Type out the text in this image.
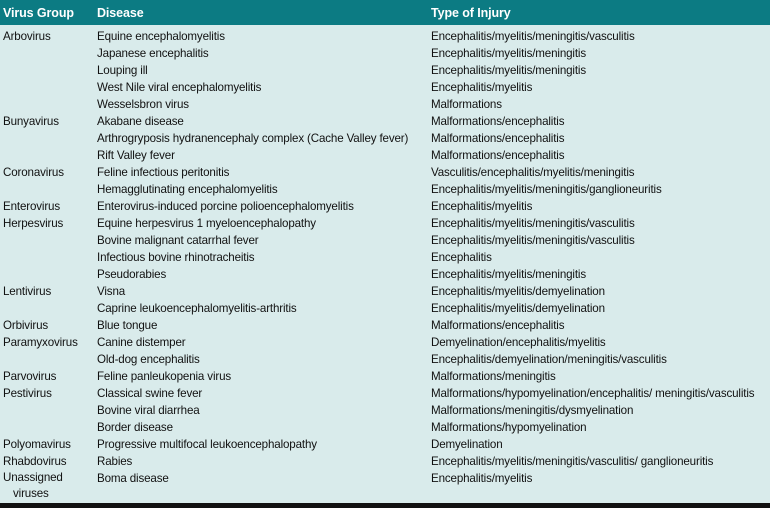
Virus Group	Disease	Type of Injury
Arbovirus	Equine encephalomyelitis	Encephalitis/myelitis/meningitis/vasculitis
	Japanese encephalitis	Encephalitis/myelitis/meningitis
	Louping ill	Encephalitis/myelitis/meningitis
	West Nile viral encephalomyelitis	Encephalitis/myelitis
	Wesselsbron virus	Malformations
Bunyavirus	Akabane disease	Malformations/encephalitis
	Arthrogryposis hydranencephaly complex (Cache Valley fever)	Malformations/encephalitis
	Rift Valley fever	Malformations/encephalitis
Coronavirus	Feline infectious peritonitis	Vasculitis/encephalitis/myelitis/meningitis
	Hemagglutinating encephalomyelitis	Encephalitis/myelitis/meningitis/ganglioneuritis
Enterovirus	Enterovirus-induced porcine polioencephalomyelitis	Encephalitis/myelitis
Herpesvirus	Equine herpesvirus 1 myeloencephalopathy	Encephalitis/myelitis/meningitis/vasculitis
	Bovine malignant catarrhal fever	Encephalitis/myelitis/meningitis/vasculitis
	Infectious bovine rhinotracheitis	Encephalitis
	Pseudorabies	Encephalitis/myelitis/meningitis
Lentivirus	Visna	Encephalitis/myelitis/demyelination
	Caprine leukoencephalomyelitis-arthritis	Encephalitis/myelitis/demyelination
Orbivirus	Blue tongue	Malformations/encephalitis
Paramyxovirus	Canine distemper	Demyelination/encephalitis/myelitis
	Old-dog encephalitis	Encephalitis/demyelination/meningitis/vasculitis
Parvovirus	Feline panleukopenia virus	Malformations/meningitis
Pestivirus	Classical swine fever	Malformations/hypomyelination/encephalitis/ meningitis/vasculitis
	Bovine viral diarrhea	Malformations/meningitis/dysmyelination
	Border disease	Malformations/hypomyelination
Polyomavirus	Progressive multifocal leukoencephalopathy	Demyelination
Rhabdovirus	Rabies	Encephalitis/myelitis/meningitis/vasculitis/ ganglioneuritis

Unassigned
viruses	Boma disease	Encephalitis/myelitis
